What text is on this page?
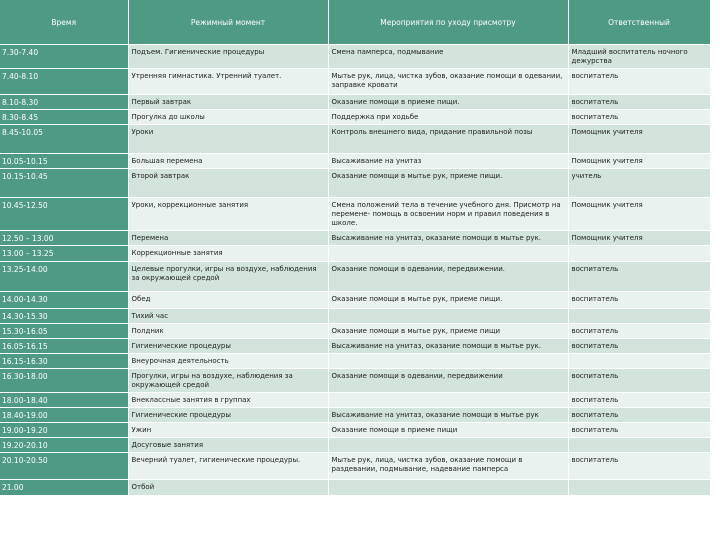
Время	Режимный момент	Мероприятия по уходу присмотру	Ответственный
7.30-7.40	Подъем. Гигиенические процедуры	Смена памперса, подмывание	Младший воспитатель ночного дежурства
7.40-8.10	Утренняя гимнастика. Утренний туалет.	Мытье рук, лица, чистка зубов, оказание помощи в одевании, заправке кровати	воспитатель
8.10-8.30	Первый завтрак	Оказание помощи в приеме пищи.	воспитатель
8.30-8.45	Прогулка до школы	Поддержка при ходьбе	воспитатель
8.45-10.05	Уроки	Контроль внешнего вида, придание правильной позы	Помощник учителя
10.05-10.15	Большая перемена	Высаживание на унитаз	Помощник учителя
10.15-10.45	Второй завтрак	Оказание помощи в мытье рук, приеме пищи.	учитель
10.45-12.50	Уроки, коррекционные занятия	Смена положений тела в течение учебного дня. Присмотр на перемене- помощь в освоении норм и правил поведения в школе.	Помощник учителя
12.50 – 13.00	Перемена	Высаживание на унитаз, оказание помощи в мытье рук.	Помощник учителя
13.00 – 13.25	Коррекционные занятия		
13.25-14.00	Целевые прогулки, игры на воздухе, наблюдения за окружающей средой	Оказание помощи в одевании, передвижении.	воспитатель
14.00-14.30	Обед	Оказание помощи в мытье рук, приеме пищи.	воспитатель
14.30-15.30	Тихий час		
15.30-16.05	Полдник	Оказание помощи в мытье рук, приеме пищи	воспитатель
16.05-16.15	Гигиенические процедуры	Высаживание на унитаз, оказание помощи в мытье рук.	воспитатель
16.15-16.30	Внеурочная деятельность		
16.30-18.00	Прогулки, игры на воздухе, наблюдения за окружающей средой	Оказание помощи в одевании, передвижении	воспитатель
18.00-18.40	Внеклассные занятия в группах		воспитатель
18.40-19.00	Гигиенические процедуры	Высаживание на унитаз, оказание помощи в мытье рук	воспитатель
19.00-19.20	Ужин	Оказание помощи в приеме пищи	воспитатель
19.20-20.10	Досуговые занятия		
20.10-20.50	Вечерний туалет, гигиенические процедуры.	Мытье рук, лица, чистка зубов, оказание помощи в раздевании, подмывание, надевание памперса	воспитатель
21.00	Отбой		
